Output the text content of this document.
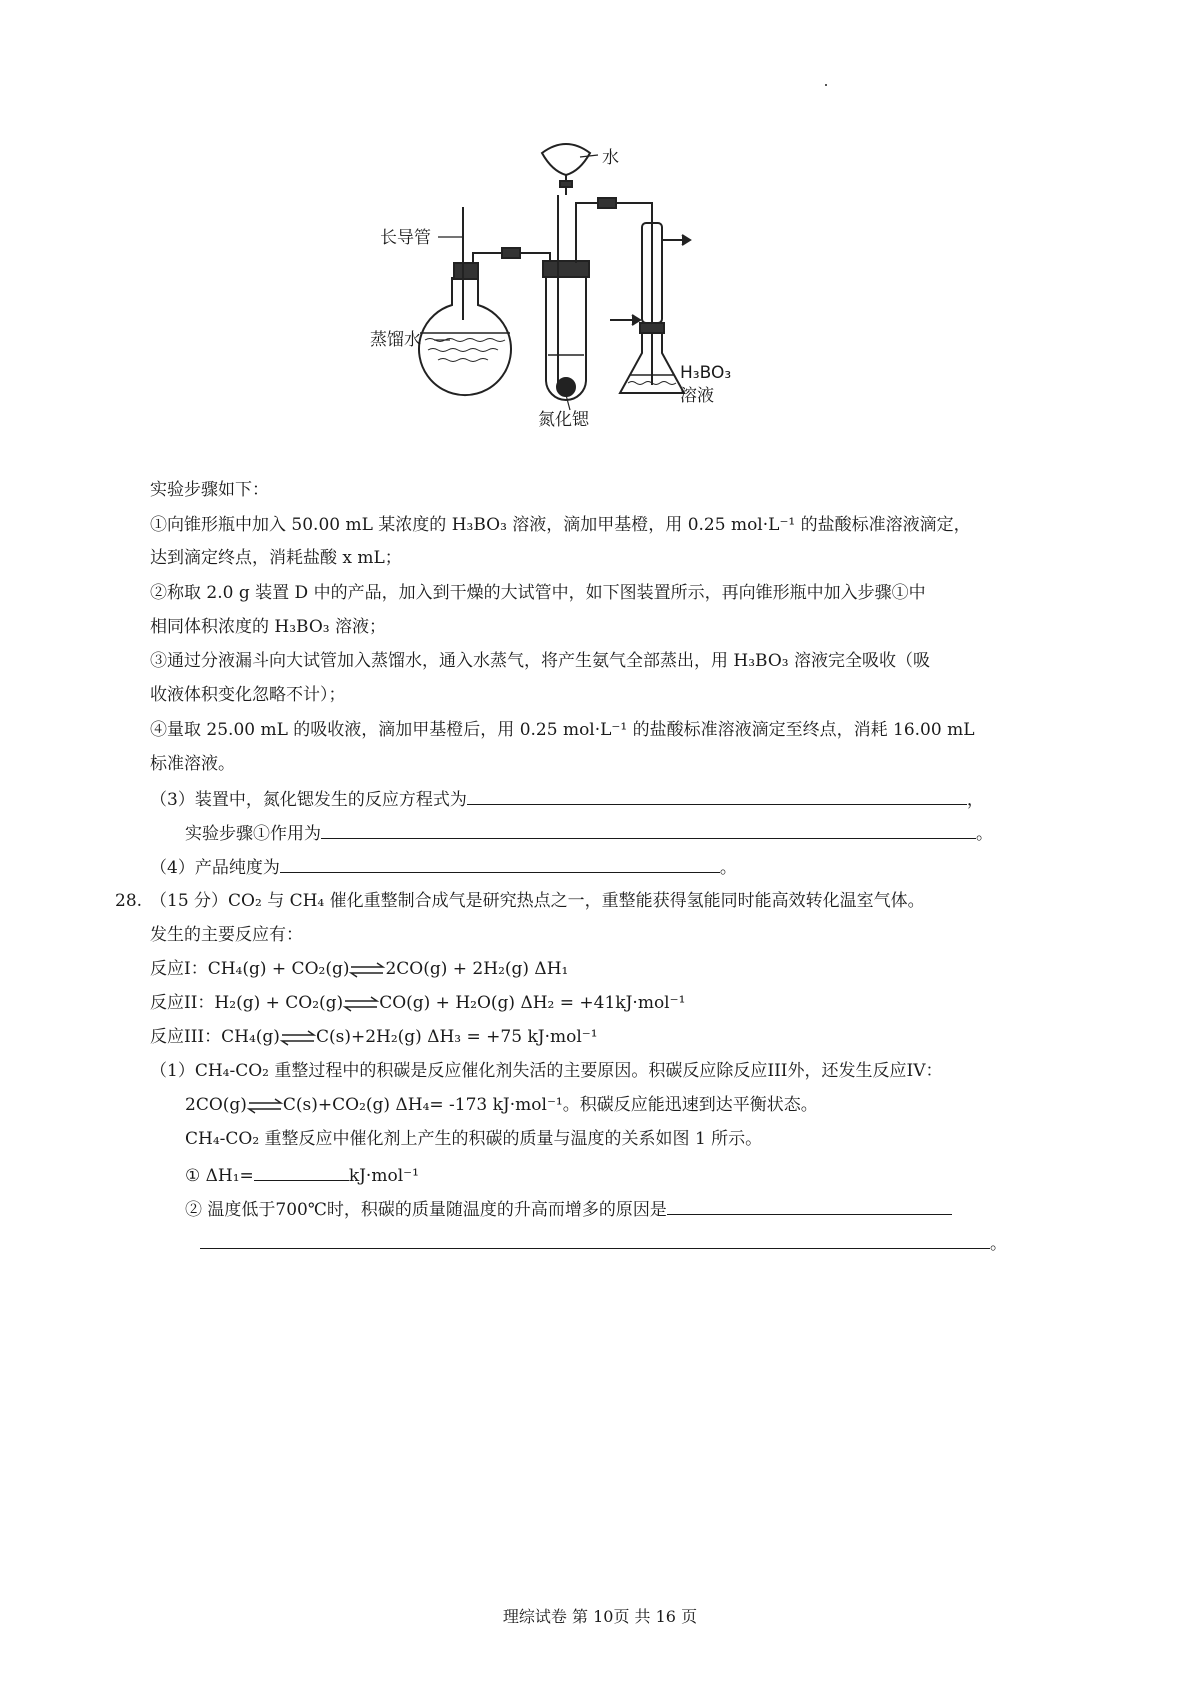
水
长导管
蒸馏水
氮化锶
H₃BO₃
溶液
实验步骤如下：
①向锥形瓶中加入 50.00 mL 某浓度的 H₃BO₃ 溶液，滴加甲基橙，用 0.25 mol·L⁻¹ 的盐酸标准溶液滴定，
达到滴定终点，消耗盐酸 x mL；
②称取 2.0 g 装置 D 中的产品，加入到干燥的大试管中，如下图装置所示，再向锥形瓶中加入步骤①中
相同体积浓度的 H₃BO₃ 溶液；
③通过分液漏斗向大试管加入蒸馏水，通入水蒸气，将产生氨气全部蒸出，用 H₃BO₃ 溶液完全吸收（吸
收液体积变化忽略不计）；
④量取 25.00 mL 的吸收液，滴加甲基橙后，用 0.25 mol·L⁻¹ 的盐酸标准溶液滴定至终点，消耗 16.00 mL
标准溶液。
（3）装置中，氮化锶发生的反应方程式为	，
实验步骤①作用为	。
（4）产品纯度为	。
28. （15 分）CO₂ 与 CH₄ 催化重整制合成气是研究热点之一，重整能获得氢能同时能高效转化温室气体。
发生的主要反应有：
反应I：CH₄(g) + CO₂(g)⇌2CO(g) + 2H₂(g) ΔH₁
反应II：H₂(g) + CO₂(g)⇌CO(g) + H₂O(g) ΔH₂ = +41kJ·mol⁻¹
反应III：CH₄(g)⇌C(s)+2H₂(g) ΔH₃ = +75 kJ·mol⁻¹
（1）CH₄-CO₂ 重整过程中的积碳是反应催化剂失活的主要原因。积碳反应除反应III外，还发生反应IV：
2CO(g)⇌C(s)+CO₂(g) ΔH₄= -173 kJ·mol⁻¹。积碳反应能迅速到达平衡状态。
CH₄-CO₂ 重整反应中催化剂上产生的积碳的质量与温度的关系如图 1 所示。
① ΔH₁=	kJ·mol⁻¹
② 温度低于700℃时，积碳的质量随温度的升高而增多的原因是
。
理综试卷 第 10页 共 16 页
